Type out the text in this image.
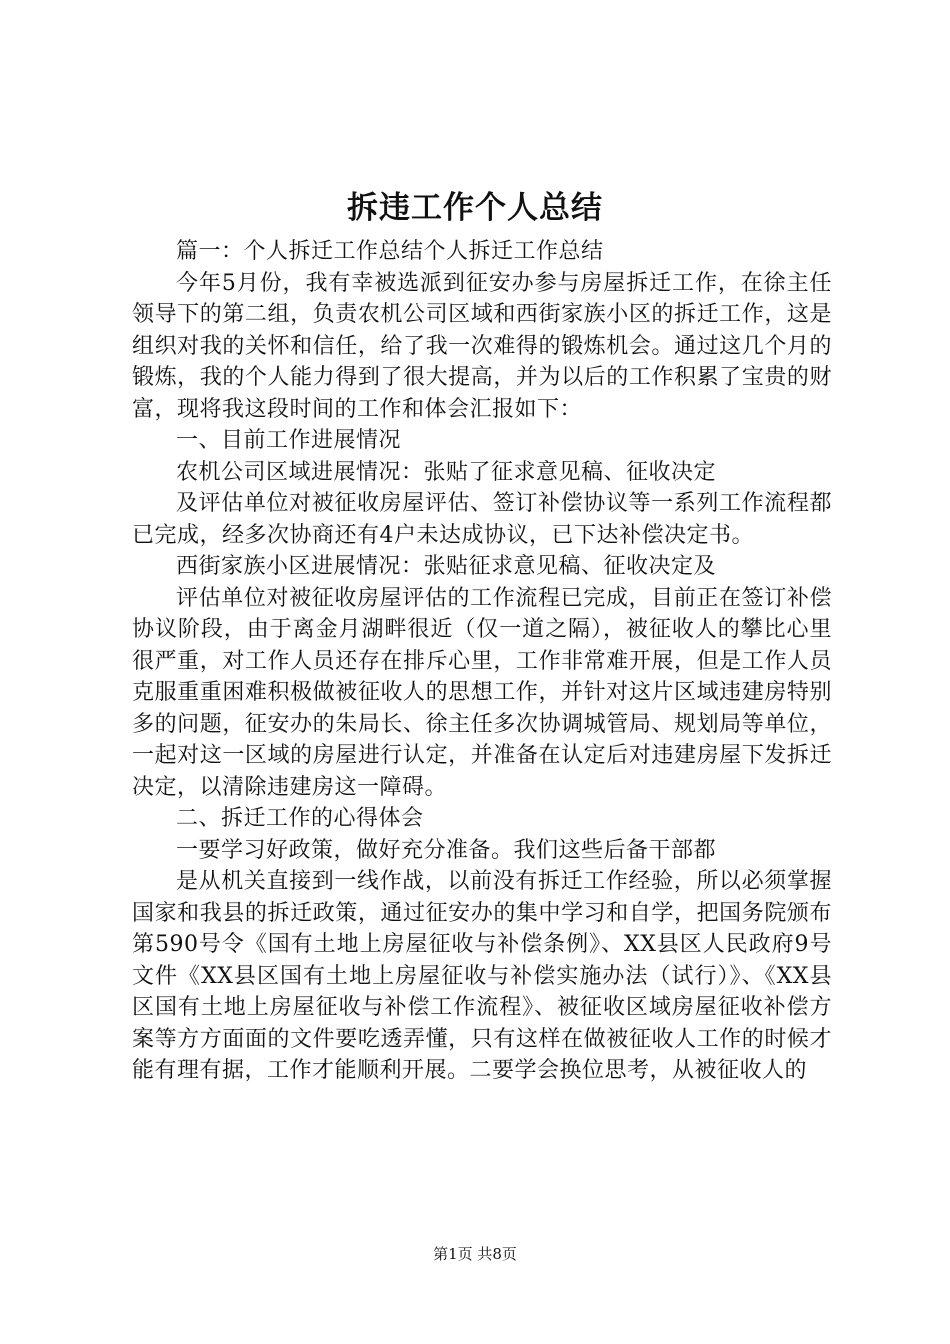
拆违工作个人总结

篇一：个人拆迁工作总结个人拆迁工作总结

今年5月份，我有幸被选派到征安办参与房屋拆迁工作，在徐主任领导下的第二组，负责农机公司区域和西街家族小区的拆迁工作，这是组织对我的关怀和信任，给了我一次难得的锻炼机会。通过这几个月的锻炼，我的个人能力得到了很大提高，并为以后的工作积累了宝贵的财富，现将我这段时间的工作和体会汇报如下：

一、目前工作进展情况

农机公司区域进展情况：张贴了征求意见稿、征收决定

及评估单位对被征收房屋评估、签订补偿协议等一系列工作流程都已完成，经多次协商还有4户未达成协议，已下达补偿决定书。

西街家族小区进展情况：张贴征求意见稿、征收决定及

评估单位对被征收房屋评估的工作流程已完成，目前正在签订补偿协议阶段，由于离金月湖畔很近（仅一道之隔），被征收人的攀比心里很严重，对工作人员还存在排斥心里，工作非常难开展，但是工作人员克服重重困难积极做被征收人的思想工作，并针对这片区域违建房特别多的问题，征安办的朱局长、徐主任多次协调城管局、规划局等单位，一起对这一区域的房屋进行认定，并准备在认定后对违建房屋下发拆迁决定，以清除违建房这一障碍。

二、拆迁工作的心得体会

一要学习好政策，做好充分准备。我们这些后备干部都

是从机关直接到一线作战，以前没有拆迁工作经验，所以必须掌握国家和我县的拆迁政策，通过征安办的集中学习和自学，把国务院颁布第590号令《国有土地上房屋征收与补偿条例》、XX县区人民政府9号文件《XX县区国有土地上房屋征收与补偿实施办法（试行）》、《XX县区国有土地上房屋征收与补偿工作流程》、被征收区域房屋征收补偿方案等方方面面的文件要吃透弄懂，只有这样在做被征收人工作的时候才能有理有据，工作才能顺利开展。二要学会换位思考，从被征收人的

第1页 共8页
